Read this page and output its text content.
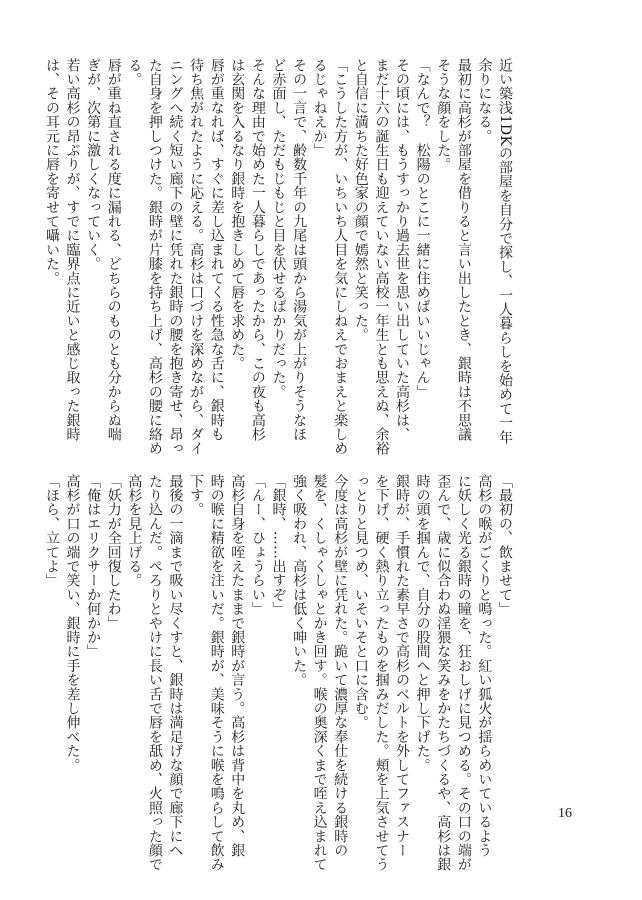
近い築浅1DKの部屋を自分で探し、一人暮らしを始めて一年

余りになる。

最初に高杉が部屋を借りると言い出したとき、銀時は不思議

そうな顔をした。

「なんで？　松陽のとこに一緒に住めばいいじゃん」

その頃には、もうすっかり過去世を思い出していた高杉は、

まだ十六の誕生日も迎えていない高校一年生とも思えぬ、余裕

と自信に満ちた好色家の顔で嫣然と笑った。

「こうした方が、いちいち人目を気にしねえでおまえと楽しめ

るじゃねえか」

その一言で、齢数千年の九尾は頭から湯気が上がりそうなほ

ど赤面し、ただもじもじと目を伏せるばかりだった。

そんな理由で始めた一人暮らしであったから、この夜も高杉

は玄関を入るなり銀時を抱きしめて唇を求めた。

唇が重なれば、すぐに差し込まれてくる性急な舌に、銀時も

待ち焦がれたように応える。高杉は口づけを深めながら、ダイ

ニングへ続く短い廊下の壁に凭れた銀時の腰を抱き寄せ、昂っ

た自身を押しつけた。銀時が片膝を持ち上げ、高杉の腰に絡め

る。

唇が重ね直される度に漏れる、どちらのものとも分からぬ喘

ぎが、次第に激しくなっていく。

若い高杉の昂ぶりが、すでに臨界点に近いと感じ取った銀時

は、その耳元に唇を寄せて囁いた。

「最初の、飲ませて」

高杉の喉がごくりと鳴った。紅い狐火が揺らめいているよう

に妖しく光る銀時の瞳を、狂おしげに見つめる。その口の端が

歪んで、歳に似合わぬ淫猥な笑みをかたちづくるや、高杉は銀

時の頭を掴んで、自分の股間へと押し下げた。

銀時が、手慣れた素早さで高杉のベルトを外してファスナー

を下げ、硬く熱り立ったものを掴みだした。頬を上気させてう

っとりと見つめ、いそいそと口に含む。

今度は高杉が壁に凭れた。跪いて濃厚な奉仕を続ける銀時の

髪を、くしゃくしゃとかき回す。喉の奥深くまで咥え込まれて

強く吸われ、高杉は低く呻いた。

「銀時、……出すぞ」

「んー、ひょうらい」

高杉自身を咥えたままで銀時が言う。高杉は背中を丸め、銀

時の喉に精欲を注いだ。銀時が、美味そうに喉を鳴らして飲み

下す。

最後の一滴まで吸い尽くすと、銀時は満足げな顔で廊下にへ

たり込んだ。ぺろりとやけに長い舌で唇を舐め、火照った顔で

高杉を見上げる。

「妖力が全回復したわ」

「俺はエリクサーか何かか」

高杉が口の端で笑い、銀時に手を差し伸べた。

「ほら、立てよ」

16
